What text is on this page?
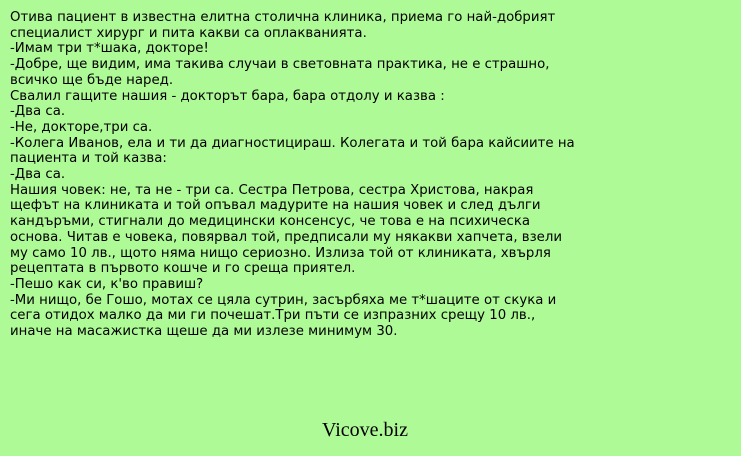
Отива пациент в известна елитна столична клиника, приема го най-добрият
специалист хирург и пита какви са оплакванията.
-Имам три т*шака, докторе!
-Добре, ще видим, има такива случаи в световната практика, не е страшно,
всичко ще бъде наред.
Свалил гащите нашия - докторът бара, бара отдолу и казва :
-Два са.
-Не, докторе,три са.
-Колега Иванов, ела и ти да диагностицираш. Колегата и той бара кайсиите на
пациента и той казва:
-Два са.
Нашия човек: не, та не - три са. Сестра Петрова, сестра Христова, накрая
щефът на клиниката и той опъвал мадурите на нашия човек и след дълги
кандъръми, стигнали до медицински консенсус, че това е на психическа
основа. Читав е човека, повярвал той, предписали му някакви хапчета, взели
му само 10 лв., щото няма нищо сериозно. Излиза той от клиниката, хвърля
рецептата в първото кошче и го среща приятел.
-Пешо как си, к'во правиш?
-Ми нищо, бе Гошо, мотах се цяла сутрин, засърбяха ме т*шаците от скука и
сега отидох малко да ми ги почешат.Три пъти се изпразних срещу 10 лв.,
иначе на масажистка щеше да ми излезе минимум 30.
Vicove.biz
